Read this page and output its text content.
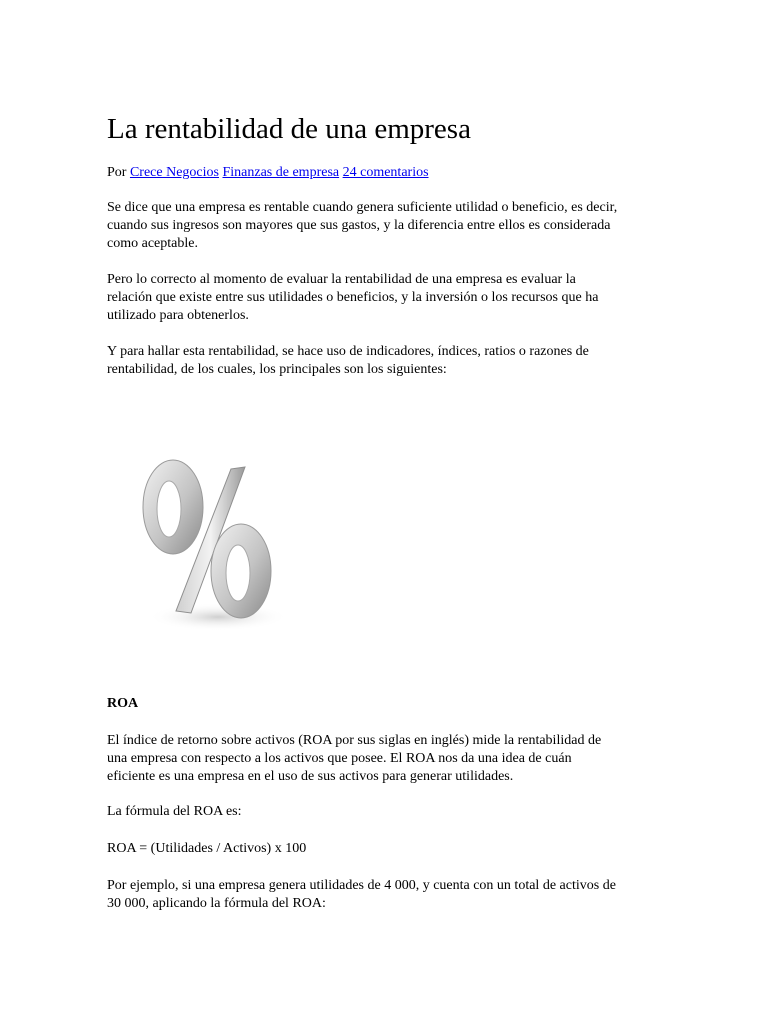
La rentabilidad de una empresa
Por Crece Negocios Finanzas de empresa 24 comentarios

Se dice que una empresa es rentable cuando genera suficiente utilidad o beneficio, es decir,
cuando sus ingresos son mayores que sus gastos, y la diferencia entre ellos es considerada
como aceptable.

Pero lo correcto al momento de evaluar la rentabilidad de una empresa es evaluar la
relación que existe entre sus utilidades o beneficios, y la inversión o los recursos que ha
utilizado para obtenerlos.

Y para hallar esta rentabilidad, se hace uso de indicadores, índices, ratios o razones de
rentabilidad, de los cuales, los principales son los siguientes:

ROA

El índice de retorno sobre activos (ROA por sus siglas en inglés) mide la rentabilidad de
una empresa con respecto a los activos que posee. El ROA nos da una idea de cuán
eficiente es una empresa en el uso de sus activos para generar utilidades.

La fórmula del ROA es:

ROA = (Utilidades / Activos) x 100

Por ejemplo, si una empresa genera utilidades de 4 000, y cuenta con un total de activos de
30 000, aplicando la fórmula del ROA:
